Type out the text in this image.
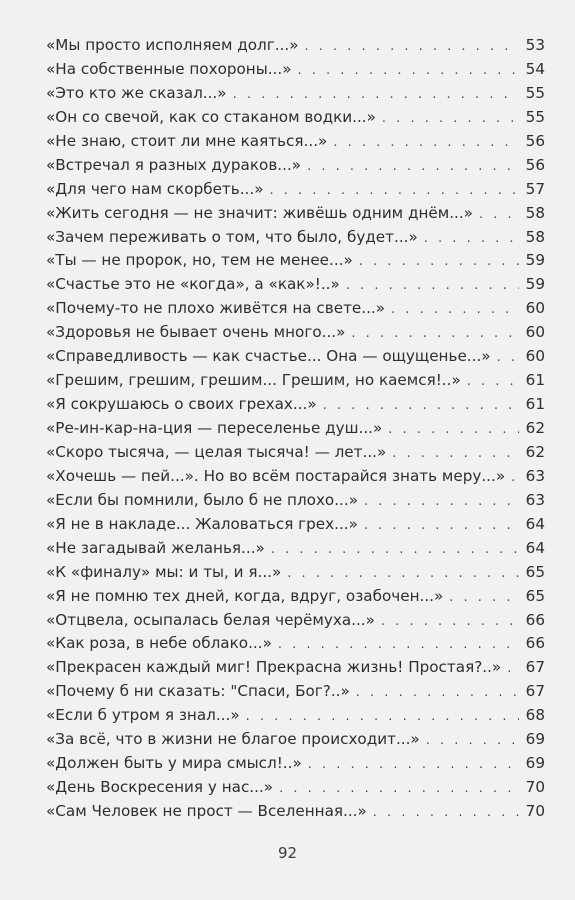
«Мы просто исполняем долг...» . . .	53
«На собственные похороны...» . . .	54
«Это кто же сказал...» . . .	55
«Он со свечой, как со стаканом водки...» . . .	55
«Не знаю, стоит ли мне каяться...» . . .	56
«Встречал я разных дураков...» . . .	56
«Для чего нам скорбеть...» . . .	57
«Жить сегодня — не значит: живёшь одним днём...» . . .	58
«Зачем переживать о том, что было, будет...» . . .	58
«Ты — не пророк, но, тем не менее...» . . .	59
«Счастье это не «когда», а «как»!..» . . .	59
«Почему-то не плохо живётся на свете...» . . .	60
«Здоровья не бывает очень много...» . . .	60
«Справедливость — как счастье... Она — ощущенье...» . . .	60
«Грешим, грешим, грешим... Грешим, но каемся!..» . . .	61
«Я сокрушаюсь о своих грехах...» . . .	61
«Ре-ин-кар-на-ция — переселенье душ...» . . .	62
«Скоро тысяча, — целая тысяча! — лет...» . . .	62
«Хочешь — пей...». Но во всём постарайся знать меру...» . . .	63
«Если бы помнили, было б не плохо...» . . .	63
«Я не в накладе... Жаловаться грех...» . . .	64
«Не загадывай желанья...» . . .	64
«К «финалу» мы: и ты, и я...» . . .	65
«Я не помню тех дней, когда, вдруг, озабочен...» . . .	65
«Отцвела, осыпалась белая черёмуха...» . . .	66
«Как роза, в небе облако...» . . .	66
«Прекрасен каждый миг! Прекрасна жизнь! Простая?..» . . .	67
«Почему б ни сказать: "Спаси, Бог?..» . . .	67
«Если б утром я знал...» . . .	68
«За всё, что в жизни не благое происходит...» . . .	69
«Должен быть у мира смысл!..» . . .	69
«День Воскресения у нас...» . . .	70
«Сам Человек не прост — Вселенная...» . . .	70
92
